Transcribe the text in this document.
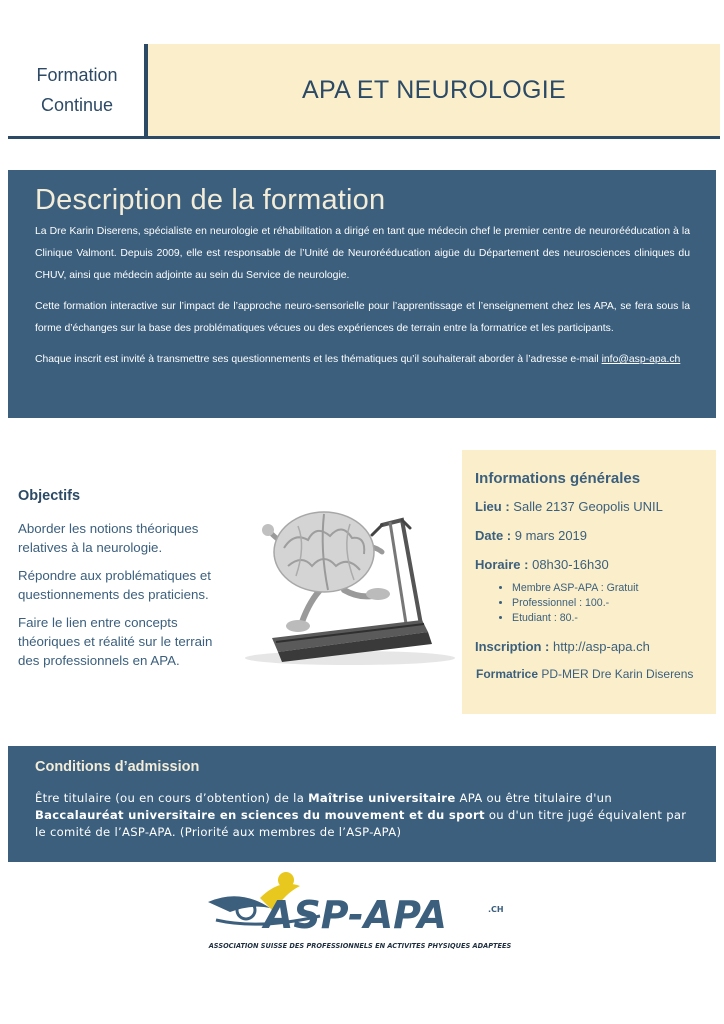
Formation
Continue
APA ET NEUROLOGIE
Description de la formation

La Dre Karin Diserens, spécialiste en neurologie et réhabilitation a dirigé en tant que médecin chef le premier centre de neurorééducation à la Clinique Valmont. Depuis 2009, elle est responsable de l’Unité de Neurorééducation aigüe du Département des neurosciences cliniques du CHUV, ainsi que médecin adjointe au sein du Service de neurologie.

Cette formation interactive sur l’impact de l’approche neuro-sensorielle pour l’apprentissage et l’enseignement chez les APA, se fera sous la forme d’échanges sur la base des problématiques vécues ou des expériences de terrain entre la formatrice et les participants.

Chaque inscrit est invité à transmettre ses questionnements et les thématiques qu’il souhaiterait aborder à l’adresse e-mail info@asp-apa.ch

Objectifs
Aborder les notions théoriques relatives à la neurologie.
Répondre aux problématiques et questionnements des praticiens.
Faire le lien entre concepts théoriques et réalité sur le terrain des professionnels en APA.
Informations générales
Lieu : Salle 2137 Geopolis UNIL
Date : 9 mars 2019
Horaire : 08h30-16h30
• Membre ASP-APA : Gratuit
• Professionnel : 100.-
• Etudiant : 80.-
Inscription : http://asp-apa.ch
Formatrice PD-MER Dre Karin Diserens
Conditions d’admission

Être titulaire (ou en cours d’obtention) de la Maîtrise universitaire APA ou être titulaire d'un Baccalauréat universitaire en sciences du mouvement et du sport ou d'un titre jugé équivalent par le comité de l’ASP-APA. (Priorité aux membres de l’ASP-APA)

ASP-APA	.CH
ASSOCIATION SUISSE DES PROFESSIONNELS EN ACTIVITES PHYSIQUES ADAPTEES
